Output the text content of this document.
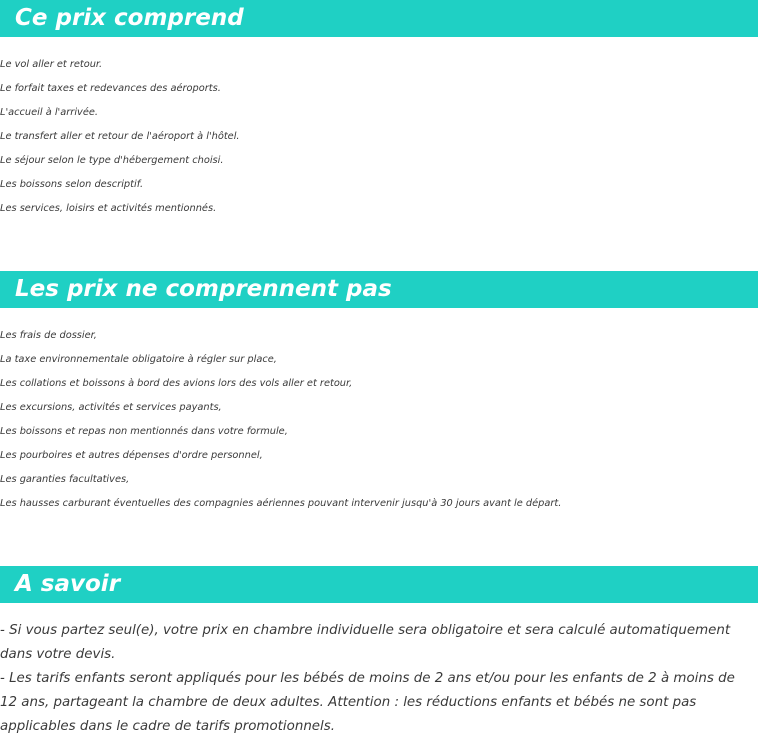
Ce prix comprend
Le vol aller et retour.
Le forfait taxes et redevances des aéroports.
L'accueil à l'arrivée.
Le transfert aller et retour de l'aéroport à l'hôtel.
Le séjour selon le type d'hébergement choisi.
Les boissons selon descriptif.
Les services, loisirs et activités mentionnés.
Les prix ne comprennent pas
Les frais de dossier,
La taxe environnementale obligatoire à régler sur place,
Les collations et boissons à bord des avions lors des vols aller et retour,
Les excursions, activités et services payants,
Les boissons et repas non mentionnés dans votre formule,
Les pourboires et autres dépenses d'ordre personnel,
Les garanties facultatives,
Les hausses carburant éventuelles des compagnies aériennes pouvant intervenir jusqu'à 30 jours avant le départ.
A savoir

- Si vous partez seul(e), votre prix en chambre individuelle sera obligatoire et sera calculé automatiquement dans votre devis.

- Les tarifs enfants seront appliqués pour les bébés de moins de 2 ans et/ou pour les enfants de 2 à moins de 12 ans, partageant la chambre de deux adultes. Attention : les réductions enfants et bébés ne sont pas applicables dans le cadre de tarifs promotionnels.
